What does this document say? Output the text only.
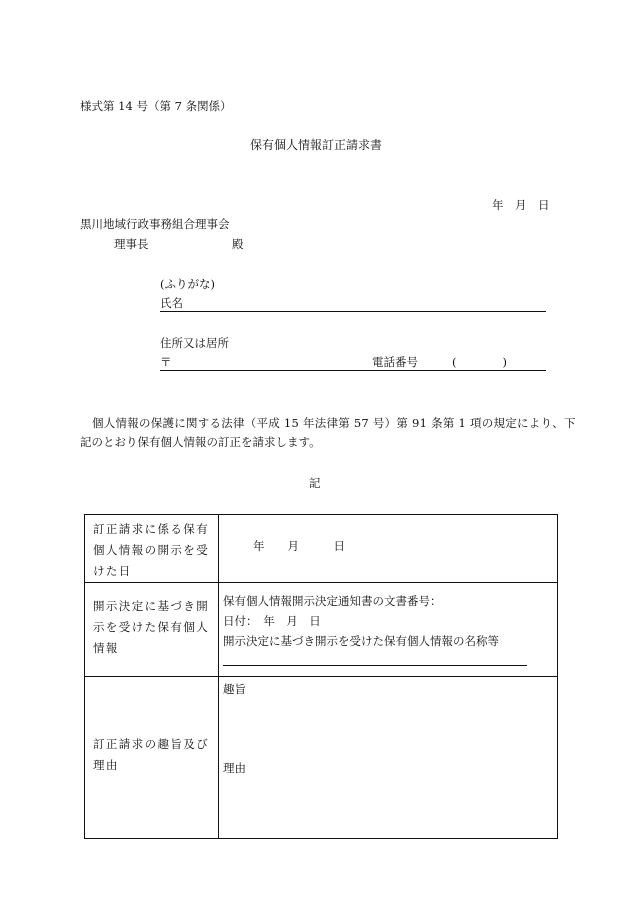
様式第 14 号（第 7 条関係）
保有個人情報訂正請求書
年　月　日
黒川地域行政事務組合理事会
理事長	殿
(ふりがな)
氏名
住所又は居所
〒	電話番号	(　　　　)
個人情報の保護に関する法律（平成 15 年法律第 57 号）第 91 条第 1 項の規定により、下
記のとおり保有個人情報の訂正を請求します。
記
訂正請求に係る保有個人情報の開示を受けた日	年　　月　　　日

開示決定に基づき開示を受けた保有個人情報	保有個人情報開示決定通知書の文書番号：
日付：　年　月　日
開示決定に基づき開示を受けた保有個人情報の名称等

訂正請求の趣旨及び理由	趣旨
理由
